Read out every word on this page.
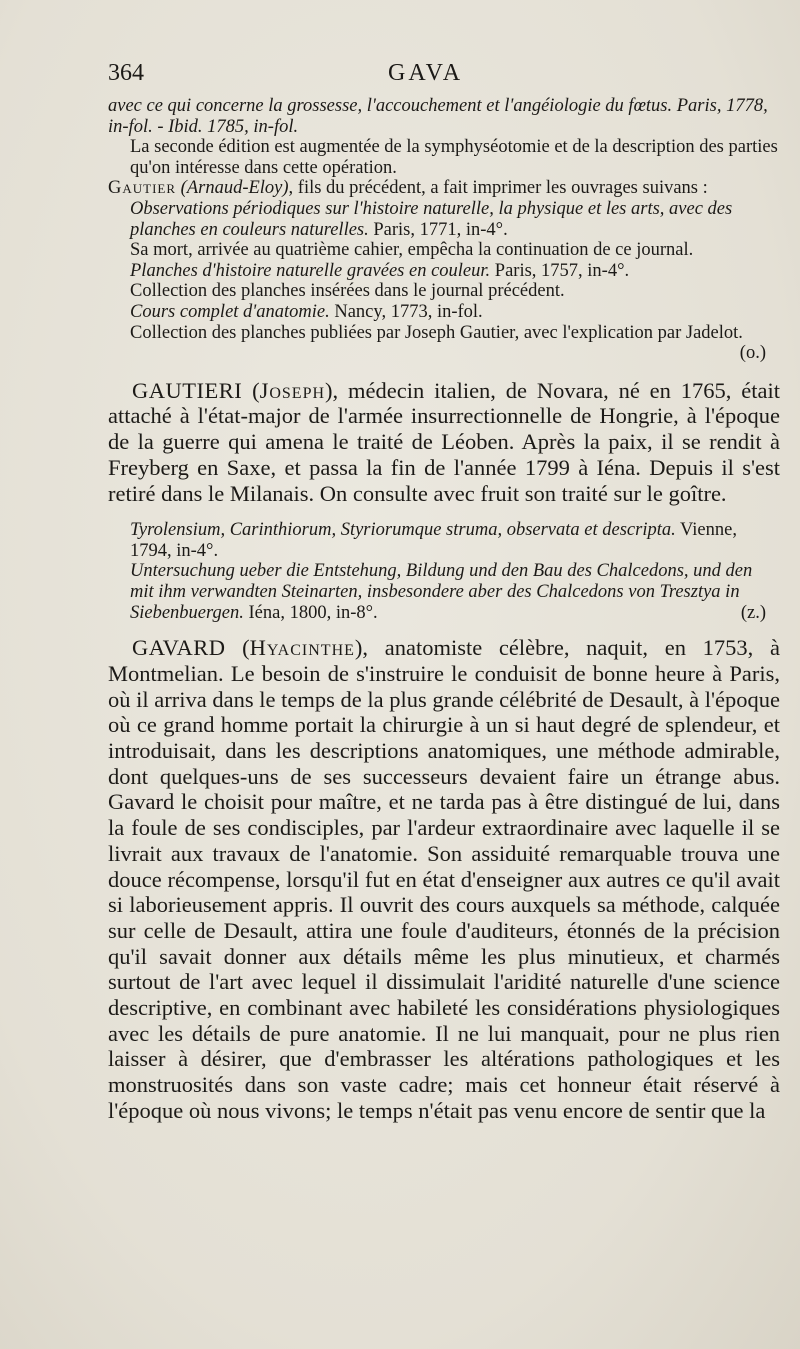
364	GAVA

avec ce qui concerne la grossesse, l'accouchement et l'angéiologie du fœtus. Paris, 1778, in-fol. - Ibid. 1785, in-fol.

La seconde édition est augmentée de la symphyséotomie et de la description des parties qu'on intéresse dans cette opération.

Gautier (Arnaud-Eloy), fils du précédent, a fait imprimer les ouvrages suivans :

Observations périodiques sur l'histoire naturelle, la physique et les arts, avec des planches en couleurs naturelles. Paris, 1771, in-4°.

Sa mort, arrivée au quatrième cahier, empêcha la continuation de ce journal.

Planches d'histoire naturelle gravées en couleur. Paris, 1757, in-4°.

Collection des planches insérées dans le journal précédent.

Cours complet d'anatomie. Nancy, 1773, in-fol.

Collection des planches publiées par Joseph Gautier, avec l'explication par Jadelot.
(o.)

GAUTIERI (Joseph), médecin italien, de Novara, né en 1765, était attaché à l'état-major de l'armée insurrectionnelle de Hongrie, à l'époque de la guerre qui amena le traité de Léoben. Après la paix, il se rendit à Freyberg en Saxe, et passa la fin de l'année 1799 à Iéna. Depuis il s'est retiré dans le Milanais. On consulte avec fruit son traité sur le goître.

Tyrolensium, Carinthiorum, Styriorumque struma, observata et descripta. Vienne, 1794, in-4°.

Untersuchung ueber die Entstehung, Bildung und den Bau des Chalcedons, und den mit ihm verwandten Steinarten, insbesondere aber des Chalcedons von Tresztya in Siebenbuergen. Iéna, 1800, in-8°.	(z.)

GAVARD (Hyacinthe), anatomiste célèbre, naquit, en 1753, à Montmelian. Le besoin de s'instruire le conduisit de bonne heure à Paris, où il arriva dans le temps de la plus grande célébrité de Desault, à l'époque où ce grand homme portait la chirurgie à un si haut degré de splendeur, et introduisait, dans les descriptions anatomiques, une méthode admirable, dont quelques-uns de ses successeurs devaient faire un étrange abus. Gavard le choisit pour maître, et ne tarda pas à être distingué de lui, dans la foule de ses condisciples, par l'ardeur extraordinaire avec laquelle il se livrait aux travaux de l'anatomie. Son assiduité remarquable trouva une douce récompense, lorsqu'il fut en état d'enseigner aux autres ce qu'il avait si laborieusement appris. Il ouvrit des cours auxquels sa méthode, calquée sur celle de Desault, attira une foule d'auditeurs, étonnés de la précision qu'il savait donner aux détails même les plus minutieux, et charmés surtout de l'art avec lequel il dissimulait l'aridité naturelle d'une science descriptive, en combinant avec habileté les considérations physiologiques avec les détails de pure anatomie. Il ne lui manquait, pour ne plus rien laisser à désirer, que d'embrasser les altérations pathologiques et les monstruosités dans son vaste cadre; mais cet honneur était réservé à l'époque où nous vivons; le temps n'était pas venu encore de sentir que la
